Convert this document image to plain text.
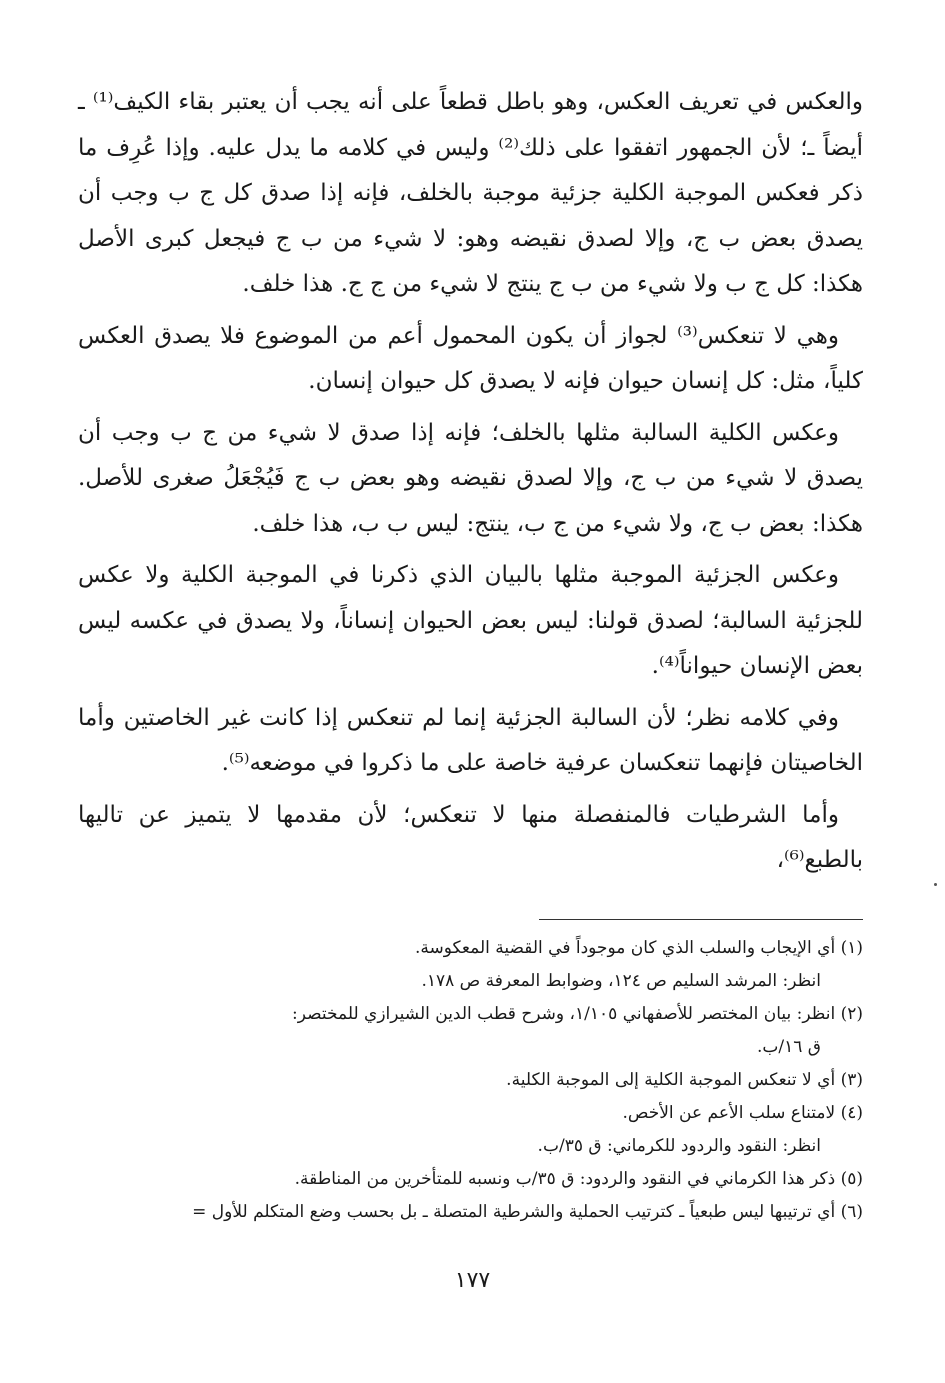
والعكس في تعريف العكس، وهو باطل قطعاً على أنه يجب أن يعتبر بقاء الكيف⁽¹⁾ ـ أيضاً ـ؛ لأن الجمهور اتفقوا على ذلك⁽²⁾ وليس في كلامه ما يدل عليه. وإذا عُرِف ما ذكر فعكس الموجبة الكلية جزئية موجبة بالخلف، فإنه إذا صدق كل ج ب وجب أن يصدق بعض ب ج، وإلا لصدق نقيضه وهو: لا شيء من ب ج فيجعل كبرى الأصل هكذا: كل ج ب ولا شيء من ب ج ينتج لا شيء من ج ج. هذا خلف.

وهي لا تنعكس⁽³⁾ لجواز أن يكون المحمول أعم من الموضوع فلا يصدق العكس كلياً، مثل: كل إنسان حيوان فإنه لا يصدق كل حيوان إنسان.

وعكس الكلية السالبة مثلها بالخلف؛ فإنه إذا صدق لا شيء من ج ب وجب أن يصدق لا شيء من ب ج، وإلا لصدق نقيضه وهو بعض ب ج فَيُجْعَلُ صغرى للأصل. هكذا: بعض ب ج، ولا شيء من ج ب، ينتج: ليس ب ب، هذا خلف.

وعكس الجزئية الموجبة مثلها بالبيان الذي ذكرنا في الموجبة الكلية ولا عكس للجزئية السالبة؛ لصدق قولنا: ليس بعض الحيوان إنساناً، ولا يصدق في عكسه ليس بعض الإنسان حيواناً⁽⁴⁾.

وفي كلامه نظر؛ لأن السالبة الجزئية إنما لم تنعكس إذا كانت غير الخاصتين وأما الخاصيتان فإنهما تنعكسان عرفية خاصة على ما ذكروا في موضعه⁽⁵⁾.

وأما الشرطيات فالمنفصلة منها لا تنعكس؛ لأن مقدمها لا يتميز عن تاليها بالطبع⁽⁶⁾،

(١) أي الإيجاب والسلب الذي كان موجوداً في القضية المعكوسة.

انظر: المرشد السليم ص ١٢٤، وضوابط المعرفة ص ١٧٨.

(٢) انظر: بيان المختصر للأصفهاني ١/١٠٥، وشرح قطب الدين الشيرازي للمختصر:

ق ١٦/ب.

(٣) أي لا تنعكس الموجبة الكلية إلى الموجبة الكلية.

(٤) لامتناع سلب الأعم عن الأخص.

انظر: النقود والردود للكرماني: ق ٣٥/ب.

(٥) ذكر هذا الكرماني في النقود والردود: ق ٣٥/ب ونسبه للمتأخرين من المناطقة.

(٦) أي ترتيبها ليس طبعياً ـ كترتيب الحملية والشرطية المتصلة ـ بل بحسب وضع المتكلم للأول =

١٧٧
